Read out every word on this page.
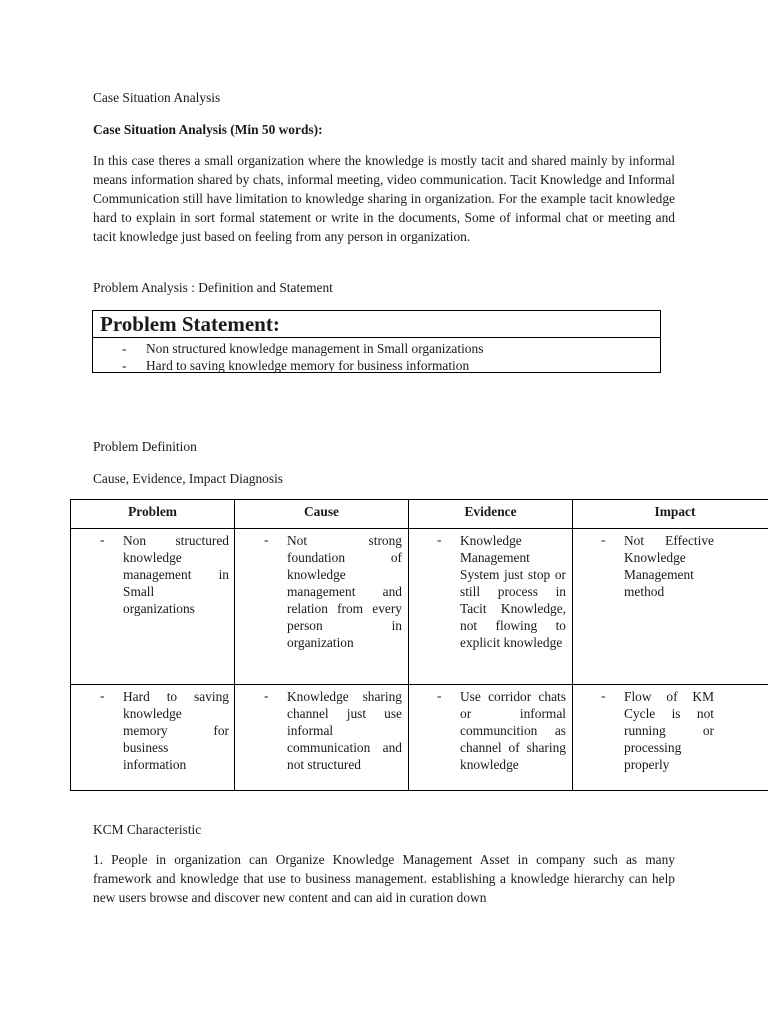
Case Situation Analysis

Case Situation Analysis (Min 50 words):

In this case theres a small organization where the knowledge is mostly tacit and shared mainly by informal means information shared by chats, informal meeting, video communication. Tacit Knowledge and Informal Communication still have limitation to knowledge sharing in organization. For the example tacit knowledge hard to explain in sort formal statement or write in the documents, Some of informal chat or meeting and tacit knowledge just based on feeling from any person in organization.

Problem Analysis : Definition and Statement

Problem Statement:
- Non structured knowledge management in Small organizations
- Hard to saving knowledge memory for business information

Problem Definition

Cause, Evidence, Impact Diagnosis

Problem	Cause	Evidence	Impact

- Non structured knowledge management in Small organizations	- Not strong foundation of knowledge management and relation from every person in organization	- Knowledge Management System just stop or still process in Tacit Knowledge, not flowing to explicit knowledge	- Not Effective Knowledge Management method

- Hard to saving knowledge memory for business information	- Knowledge sharing channel just use informal communication and not structured	- Use corridor chats or informal communcition as channel of sharing knowledge	- Flow of KM Cycle is not running or processing properly

KCM Characteristic

1. People in organization can Organize Knowledge Management Asset in company such as many framework and knowledge that use to business management. establishing a knowledge hierarchy can help new users browse and discover new content and can aid in curation down
